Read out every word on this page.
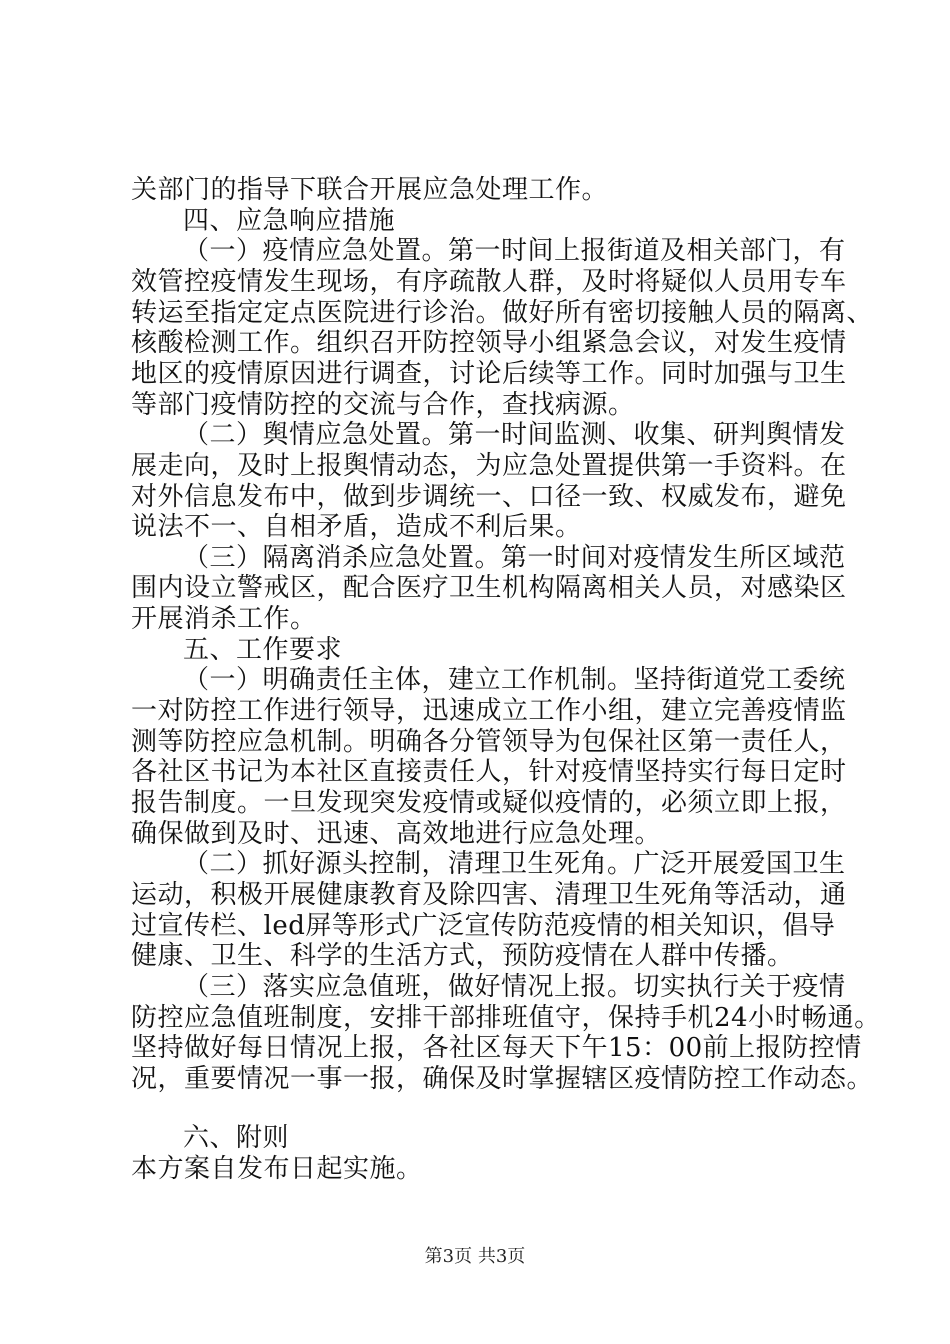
关部门的指导下联合开展应急处理工作。
四、应急响应措施
（一）疫情应急处置。第一时间上报街道及相关部门，有
效管控疫情发生现场，有序疏散人群，及时将疑似人员用专车
转运至指定定点医院进行诊治。做好所有密切接触人员的隔离、
核酸检测工作。组织召开防控领导小组紧急会议，对发生疫情
地区的疫情原因进行调查，讨论后续等工作。同时加强与卫生
等部门疫情防控的交流与合作，查找病源。
（二）舆情应急处置。第一时间监测、收集、研判舆情发
展走向，及时上报舆情动态，为应急处置提供第一手资料。在
对外信息发布中，做到步调统一、口径一致、权威发布，避免
说法不一、自相矛盾，造成不利后果。
（三）隔离消杀应急处置。第一时间对疫情发生所区域范
围内设立警戒区，配合医疗卫生机构隔离相关人员，对感染区
开展消杀工作。
五、工作要求
（一）明确责任主体，建立工作机制。坚持街道党工委统
一对防控工作进行领导，迅速成立工作小组，建立完善疫情监
测等防控应急机制。明确各分管领导为包保社区第一责任人，
各社区书记为本社区直接责任人，针对疫情坚持实行每日定时
报告制度。一旦发现突发疫情或疑似疫情的，必须立即上报，
确保做到及时、迅速、高效地进行应急处理。
（二）抓好源头控制，清理卫生死角。广泛开展爱国卫生
运动，积极开展健康教育及除四害、清理卫生死角等活动，通
过宣传栏、led屏等形式广泛宣传防范疫情的相关知识，倡导
健康、卫生、科学的生活方式，预防疫情在人群中传播。
（三）落实应急值班，做好情况上报。切实执行关于疫情
防控应急值班制度，安排干部排班值守，保持手机24小时畅通。
坚持做好每日情况上报，各社区每天下午15：00前上报防控情
况，重要情况一事一报，确保及时掌握辖区疫情防控工作动态。
六、附则
本方案自发布日起实施。
第3页 共3页
